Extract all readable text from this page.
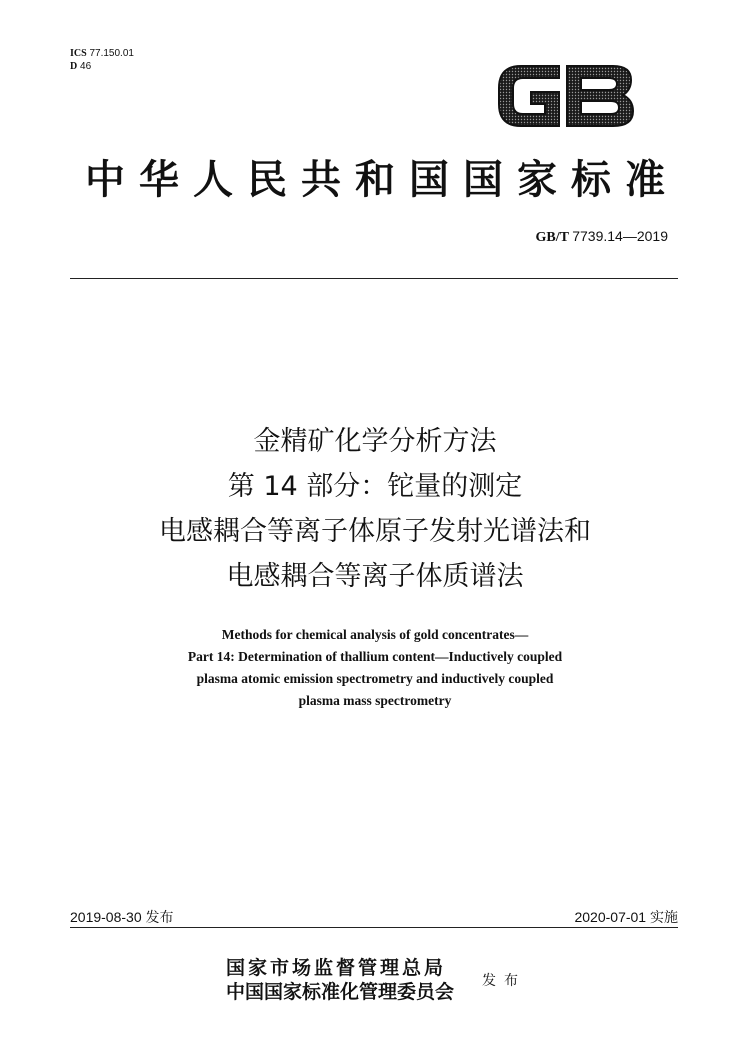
ICS 77.150.01
D 46
中华人民共和国国家标准
GB/T 7739.14—2019
金精矿化学分析方法
第 14 部分：铊量的测定
电感耦合等离子体原子发射光谱法和
电感耦合等离子体质谱法
Methods for chemical analysis of gold concentrates—
Part 14: Determination of thallium content—Inductively coupled
plasma atomic emission spectrometry and inductively coupled
plasma mass spectrometry
2019-08-30 发布	2020-07-01 实施
国家市场监督管理总局
中国国家标准化管理委员会 发布
